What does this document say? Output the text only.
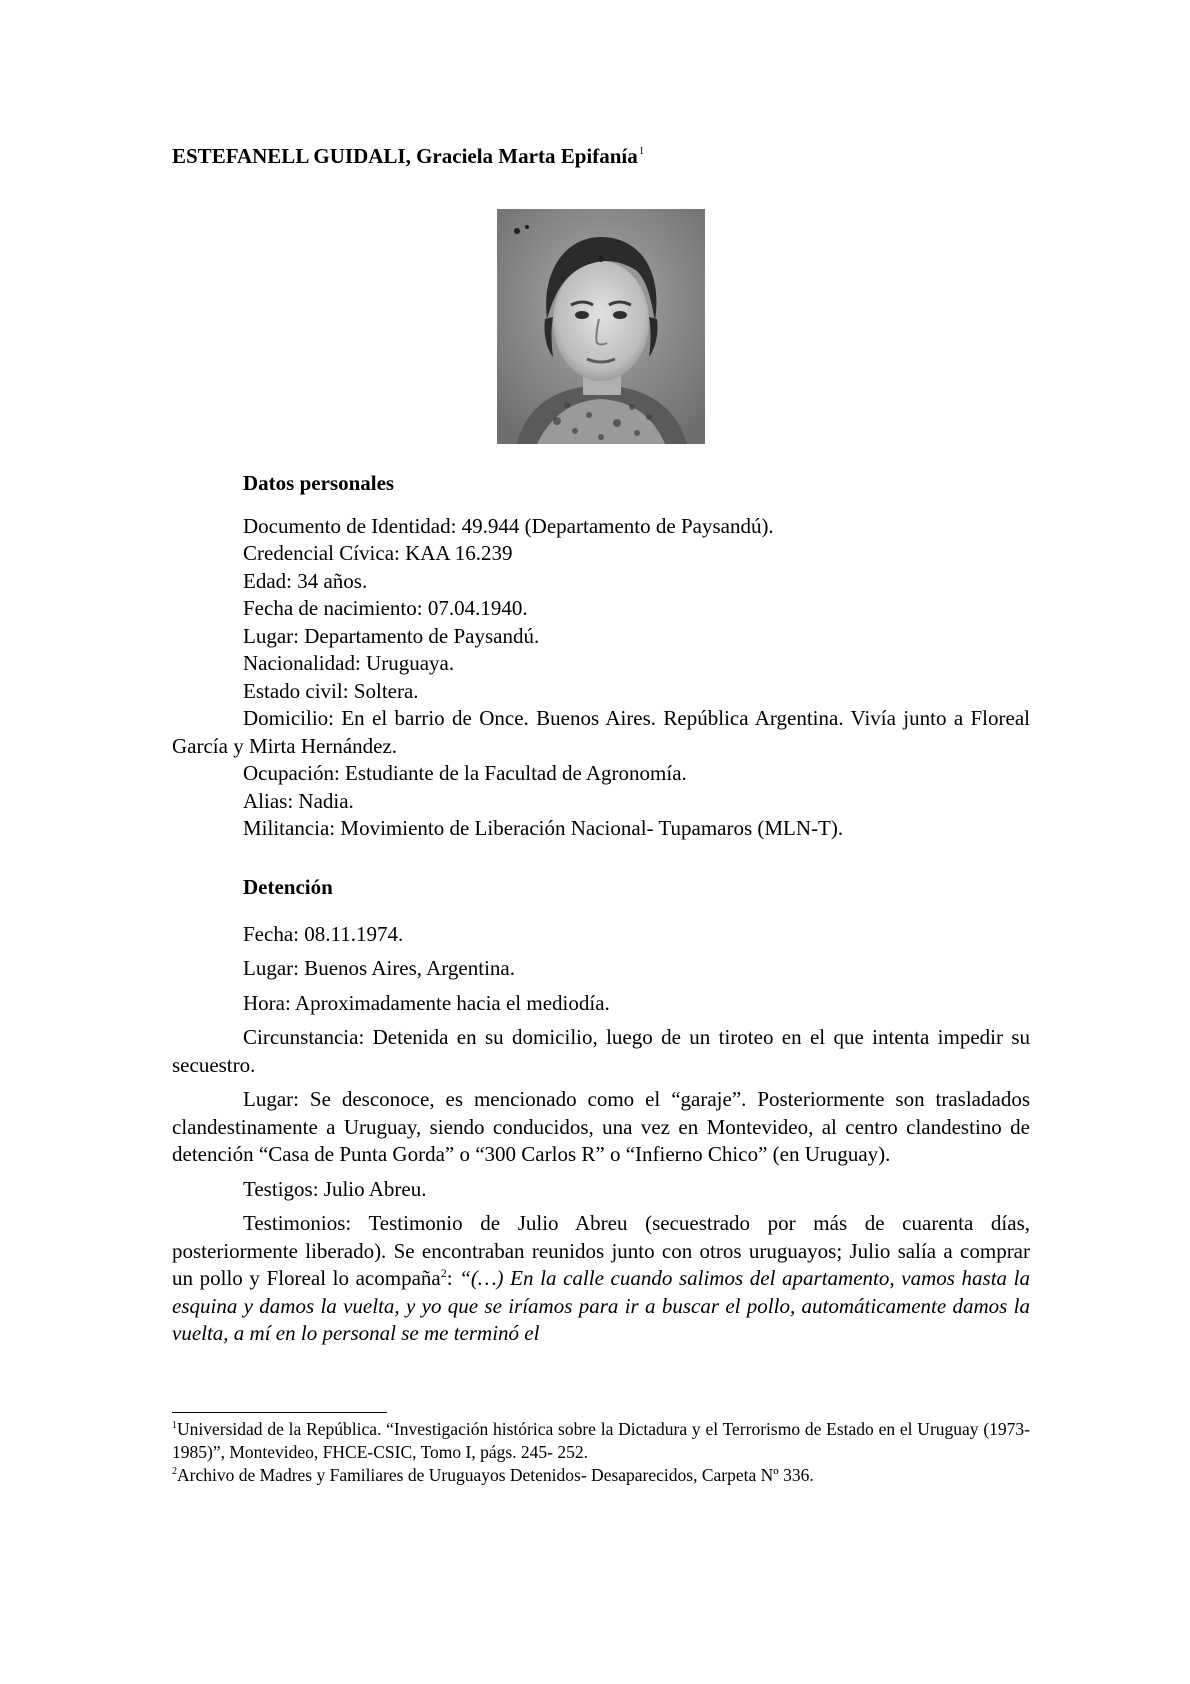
ESTEFANELL GUIDALI, Graciela Marta Epifanía$^1$
Datos personales
Documento de Identidad: 49.944 (Departamento de Paysandú).
Credencial Cívica: KAA 16.239
Edad: 34 años.
Fecha de nacimiento: 07.04.1940.
Lugar: Departamento de Paysandú.
Nacionalidad: Uruguaya.
Estado civil: Soltera.
Domicilio: En el barrio de Once. Buenos Aires. República Argentina. Vivía junto a Floreal García y Mirta Hernández.
Ocupación: Estudiante de la Facultad de Agronomía.
Alias: Nadia.
Militancia: Movimiento de Liberación Nacional- Tupamaros (MLN-T).
Detención
Fecha: 08.11.1974.
Lugar: Buenos Aires, Argentina.
Hora: Aproximadamente hacia el mediodía.
Circunstancia: Detenida en su domicilio, luego de un tiroteo en el que intenta impedir su secuestro.
Lugar: Se desconoce, es mencionado como el “garaje”. Posteriormente son trasladados clandestinamente a Uruguay, siendo conducidos, una vez en Montevideo, al centro clandestino de detención “Casa de Punta Gorda” o “300 Carlos R” o “Infierno Chico” (en Uruguay).
Testigos: Julio Abreu.
Testimonios: Testimonio de Julio Abreu (secuestrado por más de cuarenta días, posteriormente liberado). Se encontraban reunidos junto con otros uruguayos; Julio salía a comprar un pollo y Floreal lo acompaña$^2$: “(…) En la calle cuando salimos del apartamento, vamos hasta la esquina y damos la vuelta, y yo que se iríamos para ir a buscar el pollo, automáticamente damos la vuelta, a mí en lo personal se me terminó el
$^1$Universidad de la República. “Investigación histórica sobre la Dictadura y el Terrorismo de Estado en el Uruguay (1973-1985)”, Montevideo, FHCE-CSIC, Tomo I, págs. 245- 252.
$^2$Archivo de Madres y Familiares de Uruguayos Detenidos- Desaparecidos, Carpeta Nº 336.
